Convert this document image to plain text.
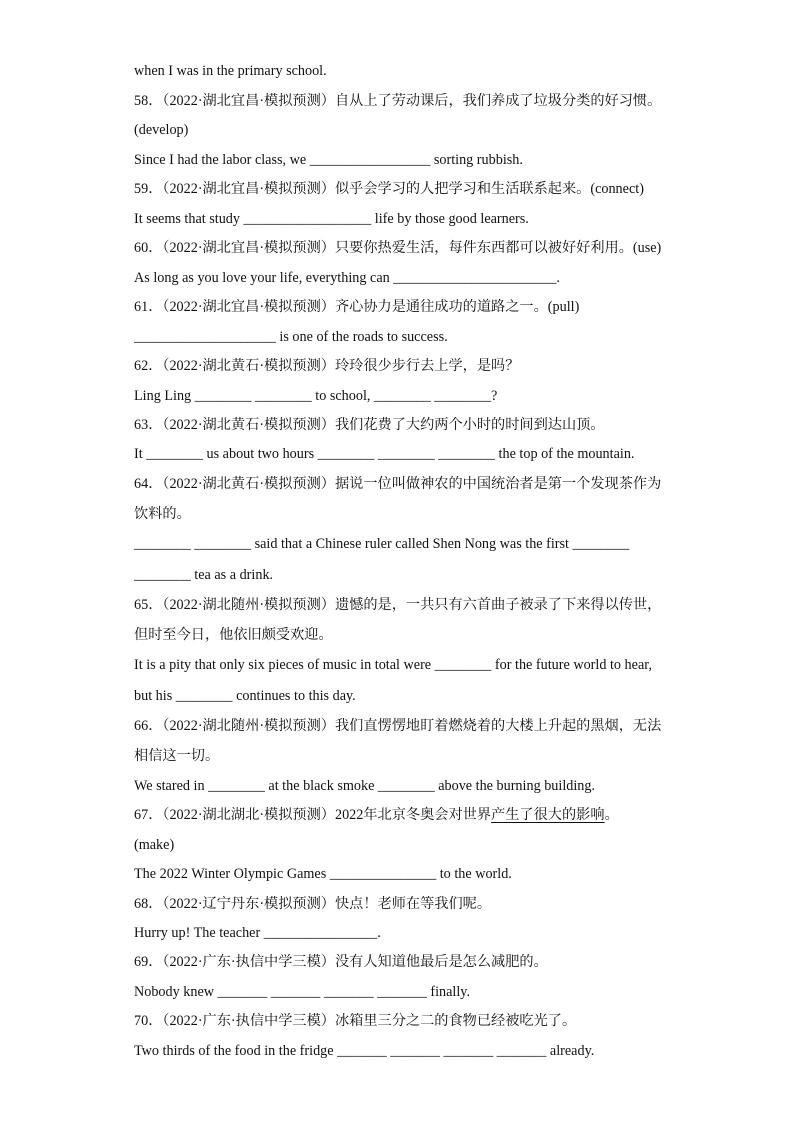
when I was in the primary school.
58．（2022·湖北宜昌·模拟预测）自从上了劳动课后，我们养成了垃圾分类的好习惯。
(develop)
Since I had the labor class, we _________________ sorting rubbish.
59．（2022·湖北宜昌·模拟预测）似乎会学习的人把学习和生活联系起来。(connect)
It seems that study __________________ life by those good learners.
60．（2022·湖北宜昌·模拟预测）只要你热爱生活，每件东西都可以被好好利用。(use)
As long as you love your life, everything can _______________________.
61．（2022·湖北宜昌·模拟预测）齐心协力是通往成功的道路之一。(pull)
____________________ is one of the roads to success.
62．（2022·湖北黄石·模拟预测）玲玲很少步行去上学，是吗？
Ling Ling ________ ________ to school, ________ ________?
63．（2022·湖北黄石·模拟预测）我们花费了大约两个小时的时间到达山顶。
It ________ us about two hours ________ ________ ________ the top of the mountain.
64．（2022·湖北黄石·模拟预测）据说一位叫做神农的中国统治者是第一个发现茶作为
饮料的。
________ ________ said that a Chinese ruler called Shen Nong was the first ________
________ tea as a drink.
65．（2022·湖北随州·模拟预测）遗憾的是，一共只有六首曲子被录了下来得以传世，
但时至今日，他依旧颇受欢迎。
It is a pity that only six pieces of music in total were ________ for the future world to hear,
but his ________ continues to this day.
66．（2022·湖北随州·模拟预测）我们直愣愣地盯着燃烧着的大楼上升起的黑烟，无法
相信这一切。
We stared in ________ at the black smoke ________ above the burning building.
67．（2022·湖北湖北·模拟预测）2022年北京冬奥会对世界产生了很大的影响。
(make)
The 2022 Winter Olympic Games _______________ to the world.
68．（2022·辽宁丹东·模拟预测）快点！老师在等我们呢。
Hurry up! The teacher ________________.
69．（2022·广东·执信中学三模）没有人知道他最后是怎么减肥的。
Nobody knew _______ _______ _______ _______ finally.
70．（2022·广东·执信中学三模）冰箱里三分之二的食物已经被吃光了。
Two thirds of the food in the fridge _______ _______ _______ _______ already.
